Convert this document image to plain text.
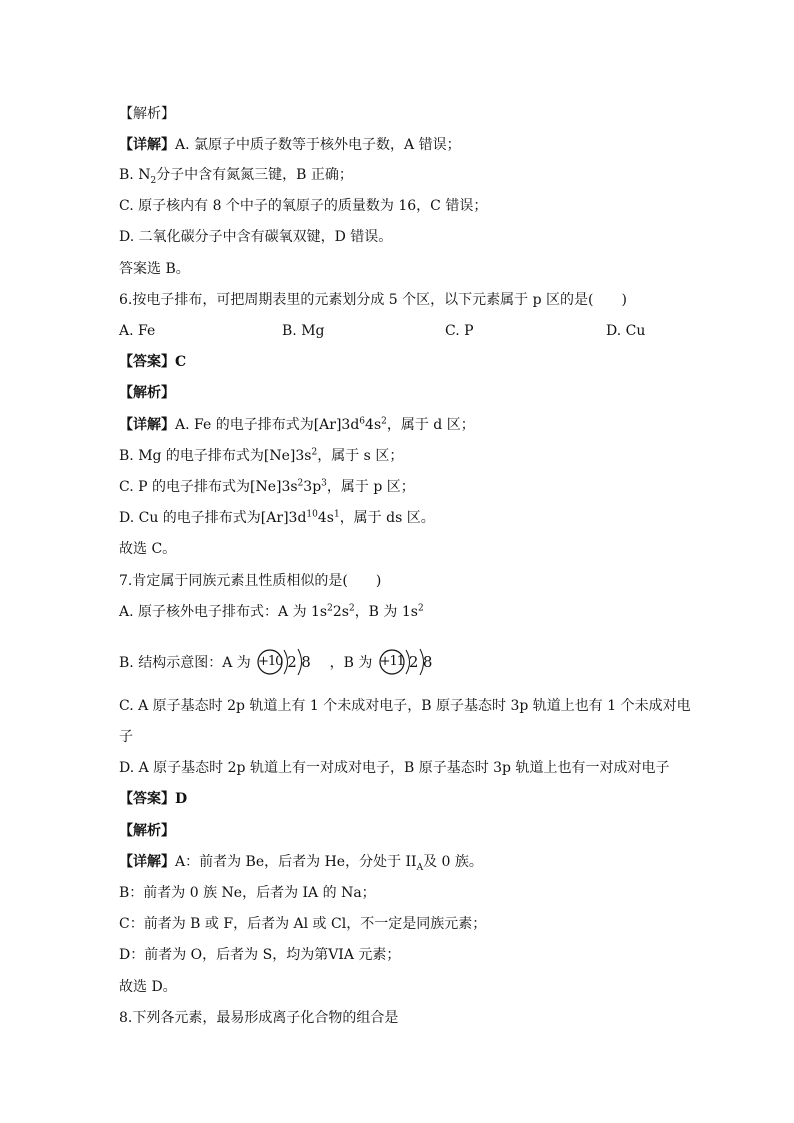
【解析】
【详解】A. 氯原子中质子数等于核外电子数，A 错误；
B. $N_2$分子中含有氮氮三键，B 正确；
C. 原子核内有 8 个中子的氧原子的质量数为 16，C 错误；
D. 二氧化碳分子中含有碳氧双键，D 错误。
答案选 B。
6.按电子排布，可把周期表里的元素划分成 5 个区，以下元素属于 p 区的是(　　)
A. Fe	B. Mg	C. P	D. Cu
【答案】C
【解析】
【详解】A. Fe 的电子排布式为$[Ar]3d^64s^2$，属于 d 区；
B. Mg 的电子排布式为$[Ne]3s^2$，属于 s 区；
C. P 的电子排布式为$[Ne]3s^23p^3$，属于 p 区；
D. Cu 的电子排布式为$[Ar]3d^{10}4s^1$，属于 ds 区。
故选 C。
7.肯定属于同族元素且性质相似的是(　　)
A. 原子核外电子排布式：A 为 $1s^22s^2$，B 为 $1s^2$
B. 结构示意图：A 为 +10 2 8 ，B 为 +11 2 8
C. A 原子基态时 2p 轨道上有 1 个未成对电子，B 原子基态时 3p 轨道上也有 1 个未成对电
子
D. A 原子基态时 2p 轨道上有一对成对电子，B 原子基态时 3p 轨道上也有一对成对电子
【答案】D
【解析】
【详解】A：前者为 Be，后者为 He，分处于 $II_A$及 0 族。
B：前者为 0 族 Ne，后者为 IA 的 Na；
C：前者为 B 或 F，后者为 Al 或 Cl，不一定是同族元素；
D：前者为 O，后者为 S，均为第VIA 元素；
故选 D。
8.下列各元素，最易形成离子化合物的组合是
